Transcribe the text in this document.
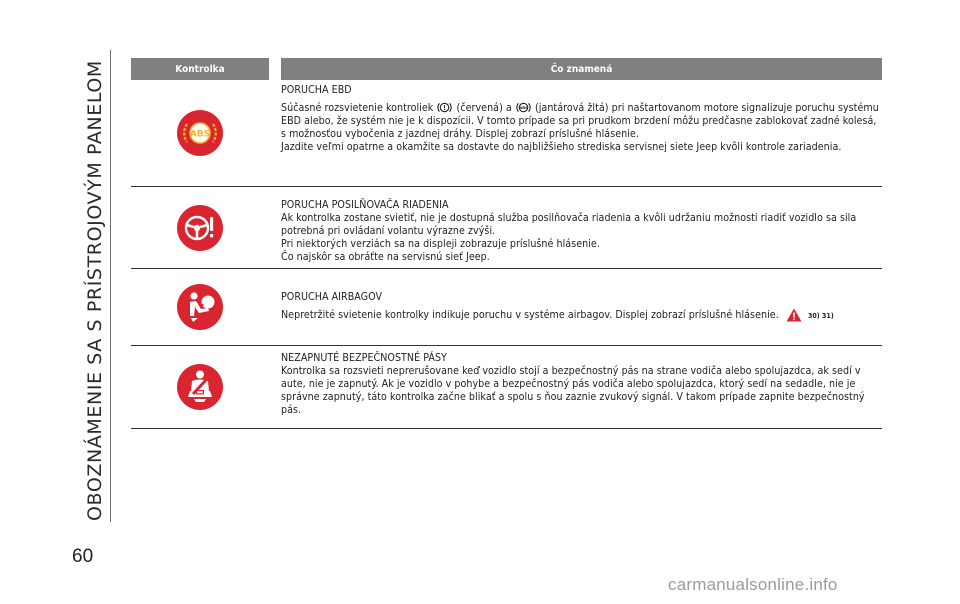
OBOZNÁMENIE SA S PRÍSTROJOVÝM PANELOM
60
Kontrolka	Čo znamená
ABS
PORUCHA EBD
Súčasné rozsvietenie kontroliek (červená) a ABS (jantárová žltá) pri naštartovanom motore signalizuje poruchu systému EBD alebo, že systém nie je k dispozícii. V tomto prípade sa pri prudkom brzdení môžu predčasne zablokovať zadné kolesá, s možnosťou vybočenia z jazdnej dráhy. Displej zobrazí príslušné hlásenie.
Jazdite veľmi opatrne a okamžite sa dostavte do najbližšieho strediska servisnej siete Jeep kvôli kontrole zariadenia.
PORUCHA POSILŇOVAČA RIADENIA
Ak kontrolka zostane svietiť, nie je dostupná služba posilňovača riadenia a kvôli udržaniu možnosti riadiť vozidlo sa sila potrebná pri ovládaní volantu výrazne zvýši.
Pri niektorých verziách sa na displeji zobrazuje príslušné hlásenie.
Čo najskôr sa obráťte na servisnú sieť Jeep.
PORUCHA AIRBAGOV
Nepretržité svietenie kontrolky indikuje poruchu v systéme airbagov. Displej zobrazí príslušné hlásenie.	30) 31)
NEZAPNUTÉ BEZPEČNOSTNÉ PÁSY
Kontrolka sa rozsvieti neprerušovane keď vozidlo stojí a bezpečnostný pás na strane vodiča alebo spolujazdca, ak sedí v aute, nie je zapnutý. Ak je vozidlo v pohybe a bezpečnostný pás vodiča alebo spolujazdca, ktorý sedí na sedadle, nie je správne zapnutý, táto kontrolka začne blikať a spolu s ňou zaznie zvukový signál. V takom prípade zapnite bezpečnostný pás.
carmanualsonline.info
